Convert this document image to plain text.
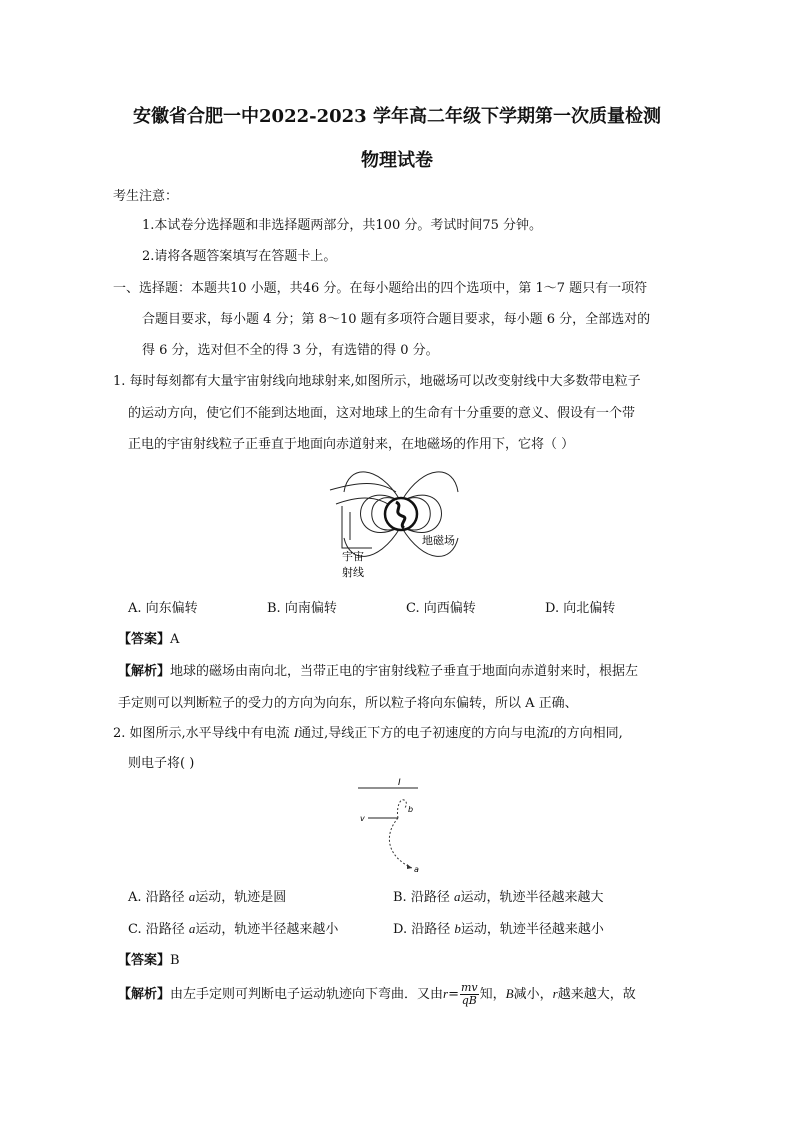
安徽省合肥一中2022-2023 学年高二年级下学期第一次质量检测
物理试卷
考生注意：
1.本试卷分选择题和非选择题两部分，共100 分。考试时间75 分钟。
2.请将各题答案填写在答题卡上。
一、选择题：本题共10 小题，共46 分。在每小题给出的四个选项中，第 1～7 题只有一项符
合题目要求，每小题 4 分；第 8～10 题有多项符合题目要求，每小题 6 分，全部选对的
得 6 分，选对但不全的得 3 分，有选错的得 0 分。
1. 每时每刻都有大量宇宙射线向地球射来,如图所示，地磁场可以改变射线中大多数带电粒子
的运动方向，使它们不能到达地面，这对地球上的生命有十分重要的意义、假设有一个带
正电的宇宙射线粒子正垂直于地面向赤道射来，在地磁场的作用下，它将（ ）
地磁场
宇宙
射线
A. 向东偏转	B. 向南偏转	C. 向西偏转	D. 向北偏转
【答案】A
【解析】地球的磁场由南向北，当带正电的宇宙射线粒子垂直于地面向赤道射来时，根据左
手定则可以判断粒子的受力的方向为向东，所以粒子将向东偏转，所以 A 正确、
2. 如图所示,水平导线中有电流 I通过,导线正下方的电子初速度的方向与电流I的方向相同,
则电子将( )
I
b
v
a
A. 沿路径 a运动，轨迹是圆	B. 沿路径 a运动，轨迹半径越来越大
C. 沿路径 a运动，轨迹半径越来越小	D. 沿路径 b运动，轨迹半径越来越小
【答案】B
【解析】由左手定则可判断电子运动轨迹向下弯曲．又由$r= \frac{mv}{qB}$ 知，B减小，r越来越大，故
